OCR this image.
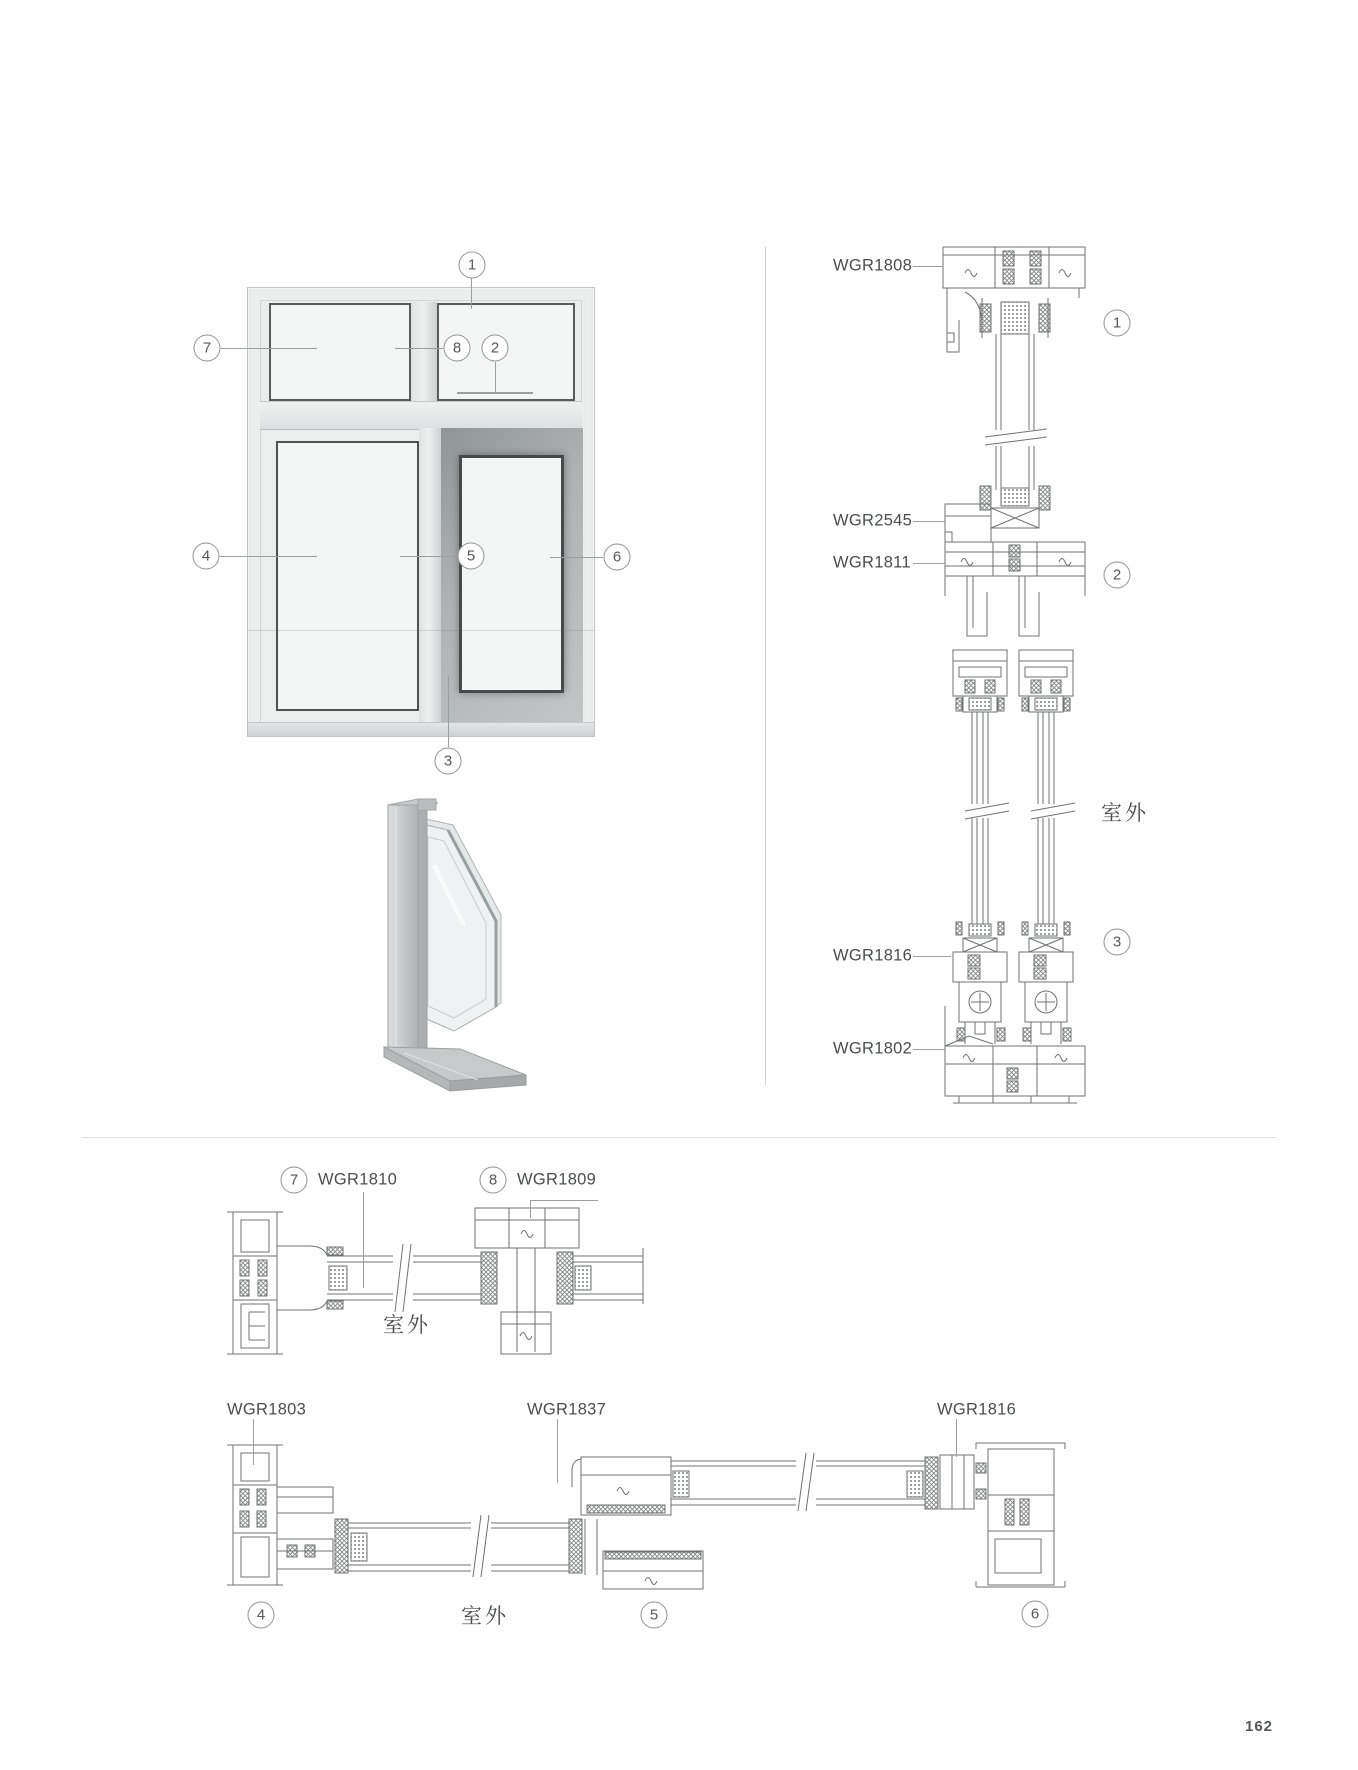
1
7	8	2
4	5	6
3
WGR1808
WGR2545
WGR1811
WGR1816
WGR1802
1
2
3
室外
7	WGR1810	8	WGR1809
室外
WGR1803	WGR1837	WGR1816
4	室外	5	6
162
